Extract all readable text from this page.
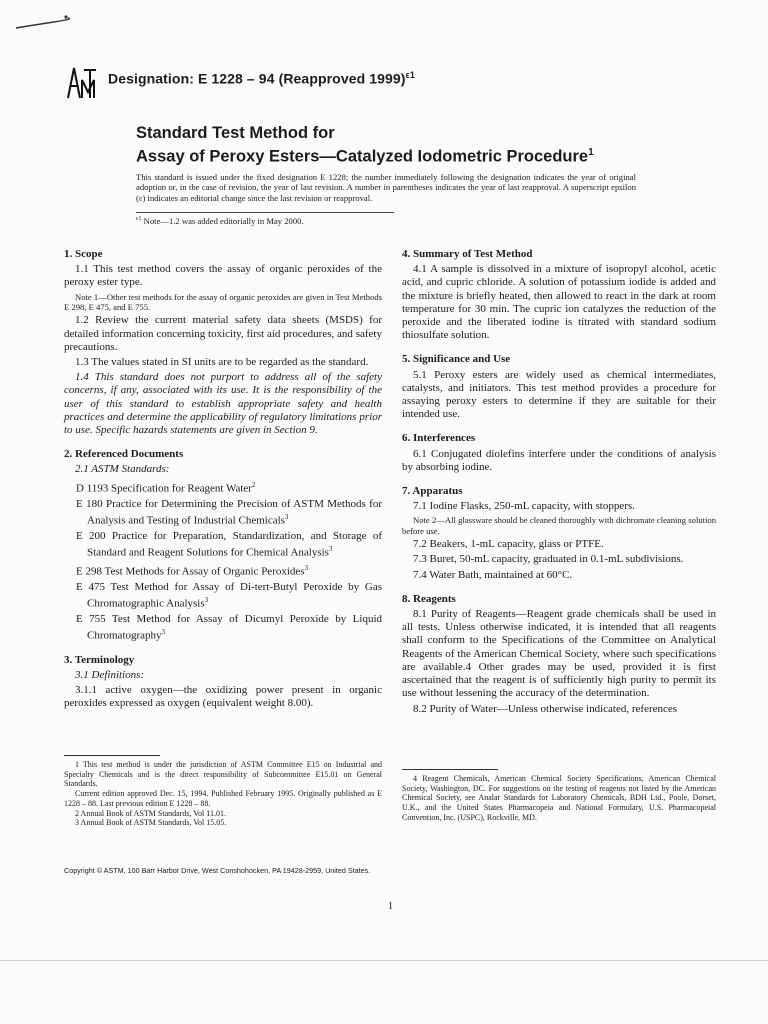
ASTM
Designation: E 1228 – 94 (Reapproved 1999)$^{\varepsilon 1}$
Standard Test Method for
Assay of Peroxy Esters—Catalyzed Iodometric Procedure$^1$
This standard is issued under the fixed designation E 1228; the number immediately following the designation indicates the year of original adoption or, in the case of revision, the year of last revision. A number in parentheses indicates the year of last reapproval. A superscript epsilon (ε) indicates an editorial change since the last revision or reapproval.
$^{\varepsilon 1}$ Note—1.2 was added editorially in May 2000.
1. Scope

1.1 This test method covers the assay of organic peroxides of the peroxy ester type.

Note 1—Other test methods for the assay of organic peroxides are given in Test Methods E 298, E 475, and E 755.

1.2 Review the current material safety data sheets (MSDS) for detailed information concerning toxicity, first aid procedures, and safety precautions.

1.3 The values stated in SI units are to be regarded as the standard.

1.4 This standard does not purport to address all of the safety concerns, if any, associated with its use. It is the responsibility of the user of this standard to establish appropriate safety and health practices and determine the applicability of regulatory limitations prior to use. Specific hazards statements are given in Section 9.

2. Referenced Documents

2.1 ASTM Standards:

D 1193 Specification for Reagent Water$^2$

E 180 Practice for Determining the Precision of ASTM Methods for Analysis and Testing of Industrial Chemicals$^3$

E 200 Practice for Preparation, Standardization, and Storage of Standard and Reagent Solutions for Chemical Analysis$^3$

E 298 Test Methods for Assay of Organic Peroxides$^3$

E 475 Test Method for Assay of Di-tert-Butyl Peroxide by Gas Chromatographic Analysis$^3$

E 755 Test Method for Assay of Dicumyl Peroxide by Liquid Chromatography$^3$

3. Terminology

3.1 Definitions:

3.1.1 active oxygen—the oxidizing power present in organic peroxides expressed as oxygen (equivalent weight 8.00).

4. Summary of Test Method

4.1 A sample is dissolved in a mixture of isopropyl alcohol, acetic acid, and cupric chloride. A solution of potassium iodide is added and the mixture is briefly heated, then allowed to react in the dark at room temperature for 30 min. The cupric ion catalyzes the reduction of the peroxide and the liberated iodine is titrated with standard sodium thiosulfate solution.

5. Significance and Use

5.1 Peroxy esters are widely used as chemical intermediates, catalysts, and initiators. This test method provides a procedure for assaying peroxy esters to determine if they are suitable for their intended use.

6. Interferences

6.1 Conjugated diolefins interfere under the conditions of analysis by absorbing iodine.

7. Apparatus

7.1 Iodine Flasks, 250-mL capacity, with stoppers.

Note 2—All glassware should be cleaned thoroughly with dichromate cleaning solution before use.

7.2 Beakers, 1-mL capacity, glass or PTFE.

7.3 Buret, 50-mL capacity, graduated in 0.1-mL subdivisions.

7.4 Water Bath, maintained at 60°C.

8. Reagents

8.1 Purity of Reagents—Reagent grade chemicals shall be used in all tests. Unless otherwise indicated, it is intended that all reagents shall conform to the Specifications of the Committee on Analytical Reagents of the American Chemical Society, where such specifications are available.4 Other grades may be used, provided it is first ascertained that the reagent is of sufficiently high purity to permit its use without lessening the accuracy of the determination.

8.2 Purity of Water—Unless otherwise indicated, references

1 This test method is under the jurisdiction of ASTM Committee E15 on Industrial and Specialty Chemicals and is the direct responsibility of Subcommittee E15.01 on General Standards.

Current edition approved Dec. 15, 1994. Published February 1995. Originally published as E 1228 – 88. Last previous edition E 1228 – 88.

2 Annual Book of ASTM Standards, Vol 11.01.

3 Annual Book of ASTM Standards, Vol 15.05.

4 Reagent Chemicals, American Chemical Society Specifications, American Chemical Society, Washington, DC. For suggestions on the testing of reagents not listed by the American Chemical Society, see Analar Standards for Laboratory Chemicals, BDH Ltd., Poole, Dorset, U.K., and the United States Pharmacopeia and National Formulary, U.S. Pharmacopeial Convention, Inc. (USPC), Rockville, MD.

Copyright © ASTM, 100 Barr Harbor Drive, West Conshohocken, PA 19428-2959, United States.
1
